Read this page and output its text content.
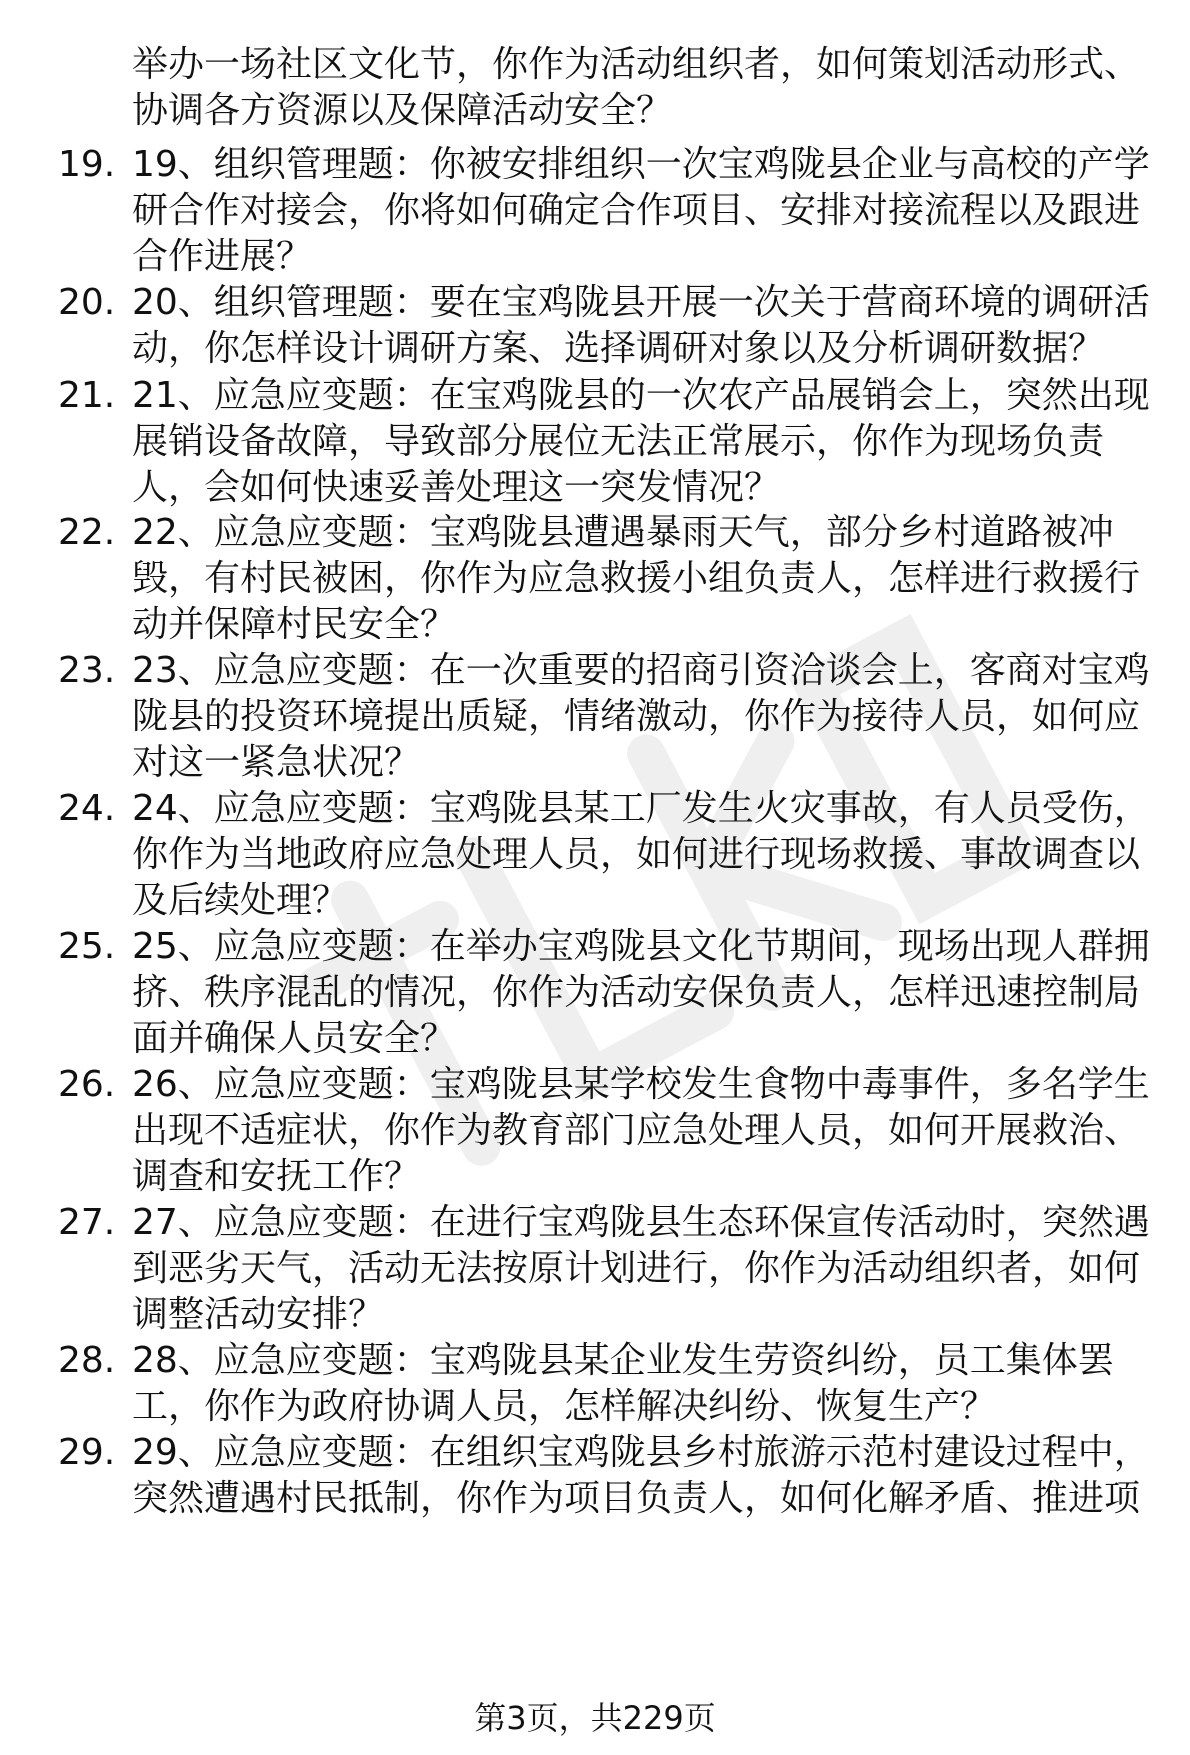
举办一场社区文化节，你作为活动组织者，如何策划活动形式、协调各方资源以及保障活动安全？
19. 19、组织管理题：你被安排组织一次宝鸡陇县企业与高校的产学研合作对接会，你将如何确定合作项目、安排对接流程以及跟进合作进展？
20. 20、组织管理题：要在宝鸡陇县开展一次关于营商环境的调研活动，你怎样设计调研方案、选择调研对象以及分析调研数据？
21. 21、应急应变题：在宝鸡陇县的一次农产品展销会上，突然出现展销设备故障，导致部分展位无法正常展示，你作为现场负责人，会如何快速妥善处理这一突发情况？
22. 22、应急应变题：宝鸡陇县遭遇暴雨天气，部分乡村道路被冲毁，有村民被困，你作为应急救援小组负责人，怎样进行救援行动并保障村民安全？
23. 23、应急应变题：在一次重要的招商引资洽谈会上，客商对宝鸡陇县的投资环境提出质疑，情绪激动，你作为接待人员，如何应对这一紧急状况？
24. 24、应急应变题：宝鸡陇县某工厂发生火灾事故，有人员受伤，你作为当地政府应急处理人员，如何进行现场救援、事故调查以及后续处理？
25. 25、应急应变题：在举办宝鸡陇县文化节期间，现场出现人群拥挤、秩序混乱的情况，你作为活动安保负责人，怎样迅速控制局面并确保人员安全？
26. 26、应急应变题：宝鸡陇县某学校发生食物中毒事件，多名学生出现不适症状，你作为教育部门应急处理人员，如何开展救治、调查和安抚工作？
27. 27、应急应变题：在进行宝鸡陇县生态环保宣传活动时，突然遇到恶劣天气，活动无法按原计划进行，你作为活动组织者，如何调整活动安排？
28. 28、应急应变题：宝鸡陇县某企业发生劳资纠纷，员工集体罢工，你作为政府协调人员，怎样解决纠纷、恢复生产？
29. 29、应急应变题：在组织宝鸡陇县乡村旅游示范村建设过程中，突然遭遇村民抵制，你作为项目负责人，如何化解矛盾、推进项
第3页，共229页
